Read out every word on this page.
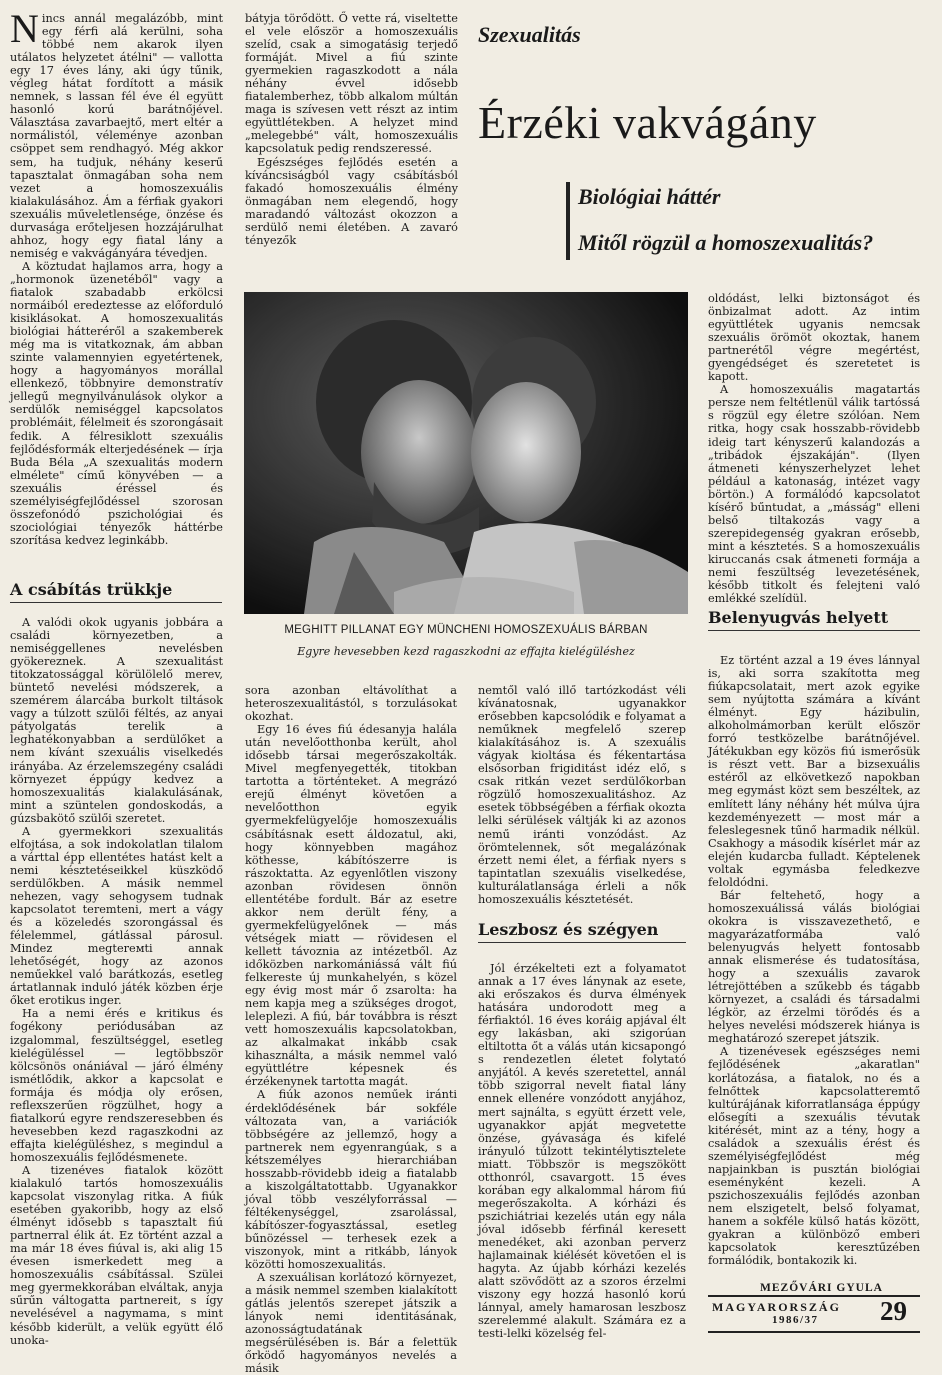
Szexualitás
Érzéki vakvágány
Biológiai háttér
Mitől rögzül a homoszexualitás?

Nincs annál megalázóbb, mint egy férfi alá kerülni, soha többé nem akarok ilyen utálatos helyzetet átélni" — vallotta egy 17 éves lány, aki úgy tűnik, végleg hátat fordított a másik nemnek, s lassan fél éve él együtt hasonló korú barátnőjével. Választása zavarbaejtő, mert eltér a normálistól, véleménye azonban csöppet sem rendhagyó. Még akkor sem, ha tudjuk, néhány keserű tapasztalat önmagában soha nem vezet a homoszexuális kialakulásához. Ám a férfiak gyakori szexuális műveletlensége, önzése és durvasága erőteljesen hozzájárulhat ahhoz, hogy egy fiatal lány a nemiség e vakvágányára tévedjen.

A köztudat hajlamos arra, hogy a „hormonok üzenetéből" vagy a fiatalok szabadabb erkölcsi normáiból eredeztesse az előforduló kisiklásokat. A homoszexualitás biológiai hátteréről a szakemberek még ma is vitatkoznak, ám abban szinte valamennyien egyetértenek, hogy a hagyományos morállal ellenkező, többnyire demonstratív jellegű megnyilvánulások olykor a serdülők nemiséggel kapcsolatos problémáit, félelmeit és szorongásait fedik. A félresiklott szexuális fejlődésformák elterjedésének — írja Buda Béla „A szexualitás modern elmélete" című könyvében — a szexuális éréssel és személyiségfejlődéssel szorosan összefonódó pszichológiai és szociológiai tényezők háttérbe szorítása kedvez leginkább.

A csábítás trükkje

A valódi okok ugyanis jobbára a családi környezetben, a nemiséggellenes nevelésben gyökereznek. A szexualitást titokzatossággal körülölelő merev, büntető nevelési módszerek, a szemérem álarcába burkolt tiltások vagy a túlzott szülői féltés, az anyai pátyolgatás terelik a leghatékonyabban a serdülőket a nem kívánt szexuális viselkedés irányába. Az érzelemszegény családi környezet éppúgy kedvez a homoszexualitás kialakulásának, mint a szüntelen gondoskodás, a gúzsbakötő szülői szeretet.

A gyermekkori szexualitás elfojtása, a sok indokolatlan tilalom a várttal épp ellentétes hatást kelt a nemi késztetéseikkel küszködő serdülőkben. A másik nemmel nehezen, vagy sehogysem tudnak kapcsolatot teremteni, mert a vágy és a közeledés szorongással és félelemmel, gátlással párosul. Mindez megtereмti annak lehetőségét, hogy az azonos neműekkel való barátkozás, esetleg ártatlannak induló játék közben érje őket erotikus inger.

Ha a nemi érés e kritikus és fogékony periódusában az izgalommal, feszültséggel, esetleg kielégüléssel — legtöbbször kölcsönös onániával — járó élmény ismétlődik, akkor a kapcsolat e formája és módja oly erősen, reflexszerűen rögzülhet, hogy a fiatalkorú egyre rendszeresebben és hevesebben kezd ragaszkodni az effajta kielégüléshez, s megindul a homoszexuális fejlődésmenete.

A tizenéves fiatalok között kialakuló tartós homoszexuális kapcsolat viszonylag ritka. A fiúk esetében gyakoribb, hogy az első élményt idősebb s tapasztalt fiú partnerral élik át. Ez történt azzal a ma már 18 éves fiúval is, aki alig 15 évesen ismerkedett meg a homoszexuális csábítással. Szülei meg gyermekkorában elváltak, anyja sűrűn váltogatta partnereit, s így nevelésével a nagymama, s mint később kiderült, a velük együtt élő unoka-

bátyja törődött. Ő vette rá, viseltette el vele először a homoszexuális szelíd, csak a simogatásig terjedő formáját. Mivel a fiú szinte gyermekien ragaszkodott a nála néhány évvel idősebb fiatalemberhez, több alkalom múltán maga is szívesen vett részt az intim együttlétekben. A helyzet mind „melegebbé" vált, homoszexuális kapcsolatuk pedig rendszeressé.

Egészséges fejlődés esetén a kíváncsiságból vagy csábításból fakadó homoszexuális élmény önmagában nem elegendő, hogy maradandó változást okozzon a serdülő nemi életében. A zavaró tényezők

MEGHITT PILLANAT EGY MÜNCHENI HOMOSZEXUÁLIS BÁRBAN
Egyre hevesebben kezd ragaszkodni az effajta kielégüléshez

sora azonban eltávolíthat a heteroszexualitástól, s torzulásokat okozhat.

Egy 16 éves fiú édesanyja halála után nevelőotthonba került, ahol idősebb társai megerőszakolták. Mivel megfenyegették, titokban tartotta a történteket. A megrázó erejű élményt követően a nevelőotthon egyik gyermekfelügyelője homoszexuális csábításnak esett áldozatul, aki, hogy könnyebben magához köthesse, kábítószerre is rászoktatta. Az egyenlőtlen viszony azonban rövidesen önnön ellentétébe fordult. Bár az esetre akkor nem derült fény, a gyermekfelügyelőnek — más vétségek miatt — rövidesen el kellett távoznia az intézetből. Az időközben narkomániássá vált fiú felkereste új munkahelyén, s közel egy évig most már ő zsarolta: ha nem kapja meg a szükséges drogot, leleplezi. A fiú, bár továbbra is részt vett homoszexuális kapcsolatokban, az alkalmakat inkább csak kihasználta, a másik nemmel való együttlétre képesnek és érzékenynek tartotta magát.

A fiúk azonos neműek iránti érdeklődésének bár sokféle változata van, a variációk többségére az jellemző, hogy a partnerek nem egyenrangúak, s a kétszemélyes hierarchiában hosszabb-rövidebb ideig a fiatalabb a kiszolgáltatottabb. Ugyanakkor jóval több veszélyforrással — féltékenységgel, zsarolással, kábítószer-fogyasztással, esetleg bűnözéssel — terhesek ezek a viszonyok, mint a ritkább, lányok közötti homoszexualitás.

A szexuálisan korlátozó környezet, a másik nemmel szemben kialakított gátlás jelentős szerepet játszik a lányok nemi identitásának, azonosságtudatának megsérülésében is. Bár a felettük őrködő hagyományos nevelés a másik

nemtől való illő tartózkodást véli kívánatosnak, ugyanakkor erősebben kapcsolódik e folyamat a neműknek megfelelő szerep kialakításához is. A szexuális vágyak kioltása és fékentartása elsősorban frigiditást idéz elő, s csak ritkán vezet serdülőkorban rögzülő homoszexualitáshoz. Az esetek többségében a férfiak okozta lelki sérülések váltják ki az azonos nemű iránti vonzódást. Az örömtelennek, sőt megalázónak érzett nemi élet, a férfiak nyers s tapintatlan szexuális viselkedése, kulturálatlansága érleli a nők homoszexuális késztetését.

Leszbosz és szégyen

Jól érzékelteti ezt a folyamatot annak a 17 éves lánynak az esete, aki erőszakos és durva élmények hatására undorodott meg a férfiaktól. 16 éves koráig apjával élt egy lakásban, aki szigorúan eltiltotta őt a válás után kicsapongó s rendezetlen életet folytató anyjától. A kevés szeretettel, annál több szigorral nevelt fiatal lány ennek ellenére vonzódott anyjához, mert sajnálta, s együtt érzett vele, ugyanakkor apját megvetette önzése, gyávasága és kifelé irányuló túlzott tekintélytisztelete miatt. Többször is megszökött otthonról, csavargott. 15 éves korában egy alkalommal három fiú megerőszakolta. A kórházi és pszichiátriai kezelés után egy nála jóval idősebb férfinál keresett menedéket, aki azonban perverz hajlamainak kiélését követően el is hagyta. Az újabb kórházi kezelés alatt szövődött az a szoros érzelmi viszony egy hozzá hasonló korú lánnyal, amely hamarosan leszbosz szerelemmé alakult. Számára ez a testi-lelki közelség fel-

oldódást, lelki biztonságot és önbizalmat adott. Az intim együttlétek ugyanis nemcsak szexuális örömöt okoztak, hanem partnerétől végre megértést, gyengédséget és szeretetet is kapott.

A homoszexuális magatartás persze nem feltétlenül válik tartóssá s rögzül egy életre szólóan. Nem ritka, hogy csak hosszabb-rövidebb ideig tart kényszerű kalandozás a „tribádok éjszakáján". (Ilyen átmeneti kényszerhelyzet lehet például a katonaság, intézet vagy börtön.) A formálódó kapcsolatot kísérő bűntudat, a „másság" elleni belső tiltakozás vagy a szerepidegenség gyakran erősebb, mint a késztetés. S a homoszexuális kiruccanás csak átmeneti formája a nemi feszültség levezetésének, később titkolt és felejteni való emlékké szelídül.

Belenyugvás helyett

Ez történt azzal a 19 éves lánnyal is, aki sorra szakította meg fiúkapcsolatait, mert azok egyike sem nyújtotta számára a kívánt élményt. Egy házibulin, alkoholmámorban került először forró testközelbe barátnőjével. Játékukban egy közös fiú ismerősük is részt vett. Bar a bizsexuális estéről az elkövetkező napokban meg egymást közt sem beszéltek, az említett lány néhány hét múlva újra kezdeményezett — most már a feleslegesnek tűnő harmadik nélkül. Csakhogy a második kísérlet már az elején kudarcba fulladt. Képtelenek voltak egymásba feledkezve feloldódni.

Bár feltehető, hogy a homoszexuálissá válás biológiai okokra is visszavezethető, e magyarázatformába való belenyugvás helyett fontosabb annak elismerése és tudatosítása, hogy a szexuális zavarok létrejöttében a szűkebb és tágabb környezet, a családi és társadalmi légkör, az érzelmi törődés és a helyes nevelési módszerek hiánya is meghatározó szerepet játszik.

A tizenévesek egészséges nemi fejlődésének „akaratlan" korlátozása, a fiatalok, no és a felnőttek kapcsolatteremtő kultúrájának kiforratlansága éppúgy elősegíti a szexuális tévutak kitérését, mint az a tény, hogy a családok a szexuális érést és személyiségfejlődést még napjainkban is pusztán biológiai eseményként kezeli. A pszichoszexuális fejlődés azonban nem elszigetelt, belső folyamat, hanem a sokféle külső hatás között, gyakran a különböző emberi kapcsolatok keresztűzében formálódik, bontakozik ki.

MEZŐVÁRI GYULA
MAGYARORSZÁG
1986/37 29
